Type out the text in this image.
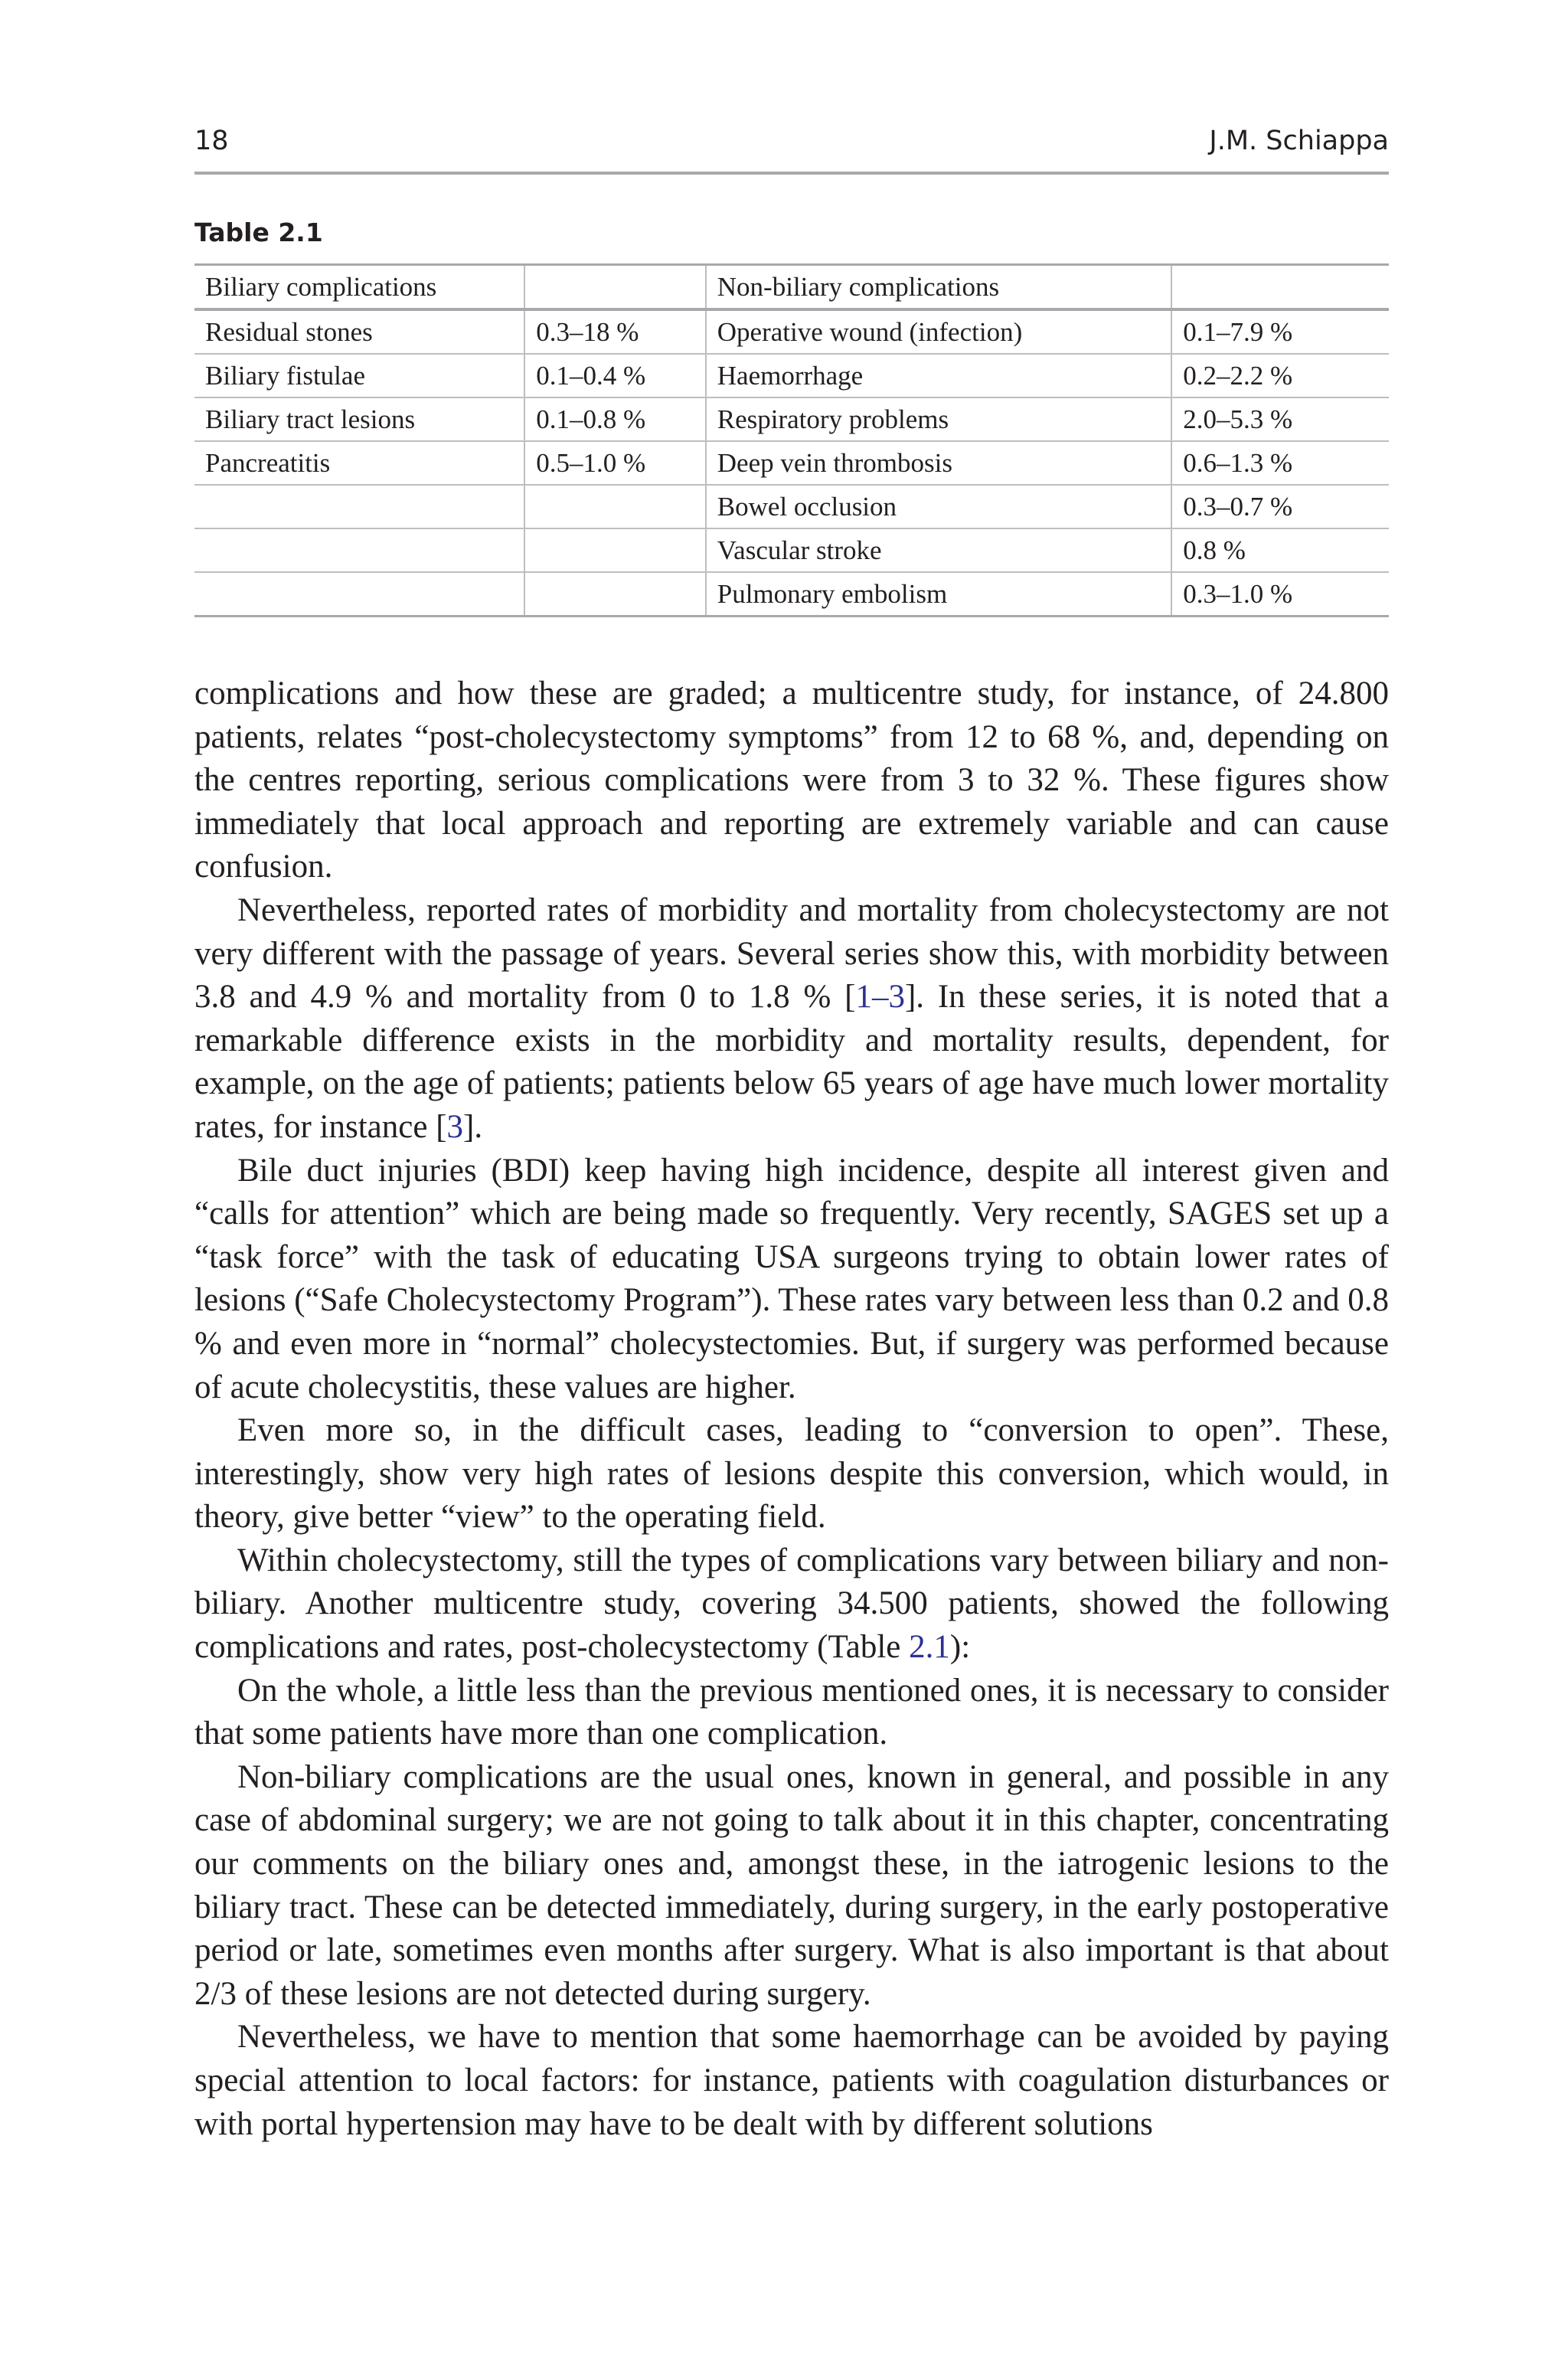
18	J.M. Schiappa
Table 2.1
Biliary complications		Non-biliary complications	
Residual stones	0.3–18 %	Operative wound (infection)	0.1–7.9 %
Biliary fistulae	0.1–0.4 %	Haemorrhage	0.2–2.2 %
Biliary tract lesions	0.1–0.8 %	Respiratory problems	2.0–5.3 %
Pancreatitis	0.5–1.0 %	Deep vein thrombosis	0.6–1.3 %
		Bowel occlusion	0.3–0.7 %
		Vascular stroke	0.8 %
		Pulmonary embolism	0.3–1.0 %

complications and how these are graded; a multicentre study, for instance, of 24.800 patients, relates “post-cholecystectomy symptoms” from 12 to 68 %, and, depending on the centres reporting, serious complications were from 3 to 32 %. These figures show immediately that local approach and reporting are extremely variable and can cause confusion.

Nevertheless, reported rates of morbidity and mortality from cholecystectomy are not very different with the passage of years. Several series show this, with morbidity between 3.8 and 4.9 % and mortality from 0 to 1.8 % [1–3]. In these series, it is noted that a remarkable difference exists in the morbidity and mortality results, dependent, for example, on the age of patients; patients below 65 years of age have much lower mortality rates, for instance [3].

Bile duct injuries (BDI) keep having high incidence, despite all interest given and “calls for attention” which are being made so frequently. Very recently, SAGES set up a “task force” with the task of educating USA surgeons trying to obtain lower rates of lesions (“Safe Cholecystectomy Program”). These rates vary between less than 0.2 and 0.8 % and even more in “normal” cholecystectomies. But, if surgery was performed because of acute cholecystitis, these values are higher.

Even more so, in the difficult cases, leading to “conversion to open”. These, interestingly, show very high rates of lesions despite this conversion, which would, in theory, give better “view” to the operating field.

Within cholecystectomy, still the types of complications vary between biliary and non-biliary. Another multicentre study, covering 34.500 patients, showed the following complications and rates, post-cholecystectomy (Table 2.1):

On the whole, a little less than the previous mentioned ones, it is necessary to consider that some patients have more than one complication.

Non-biliary complications are the usual ones, known in general, and possible in any case of abdominal surgery; we are not going to talk about it in this chapter, concentrating our comments on the biliary ones and, amongst these, in the iatrogenic lesions to the biliary tract. These can be detected immediately, during surgery, in the early postoperative period or late, sometimes even months after surgery. What is also important is that about 2/3 of these lesions are not detected during surgery.

Nevertheless, we have to mention that some haemorrhage can be avoided by paying special attention to local factors: for instance, patients with coagulation disturbances or with portal hypertension may have to be dealt with by different solutions
